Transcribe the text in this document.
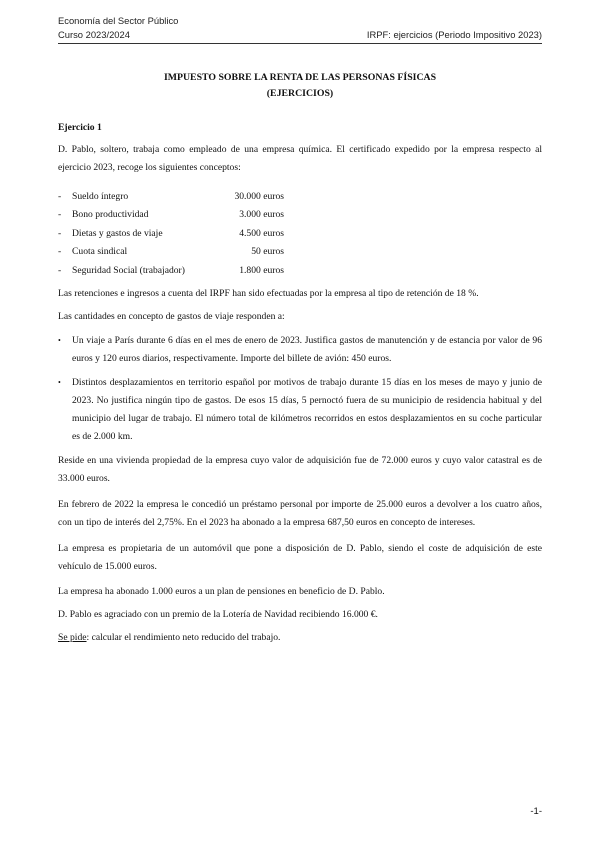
Economía del Sector Público
Curso 2023/2024	IRPF: ejercicios (Periodo Impositivo 2023)

IMPUESTO SOBRE LA RENTA DE LAS PERSONAS FÍSICAS

(EJERCICIOS)

Ejercicio 1

D. Pablo, soltero, trabaja como empleado de una empresa química. El certificado expedido por la empresa respecto al ejercicio 2023, recoge los siguientes conceptos:

-	Sueldo íntegro	30.000 euros
-	Bono productividad	3.000 euros
-	Dietas y gastos de viaje	4.500 euros
-	Cuota sindical	50 euros
-	Seguridad Social (trabajador)	1.800 euros

Las retenciones e ingresos a cuenta del IRPF han sido efectuadas por la empresa al tipo de retención de 18 %.

Las cantidades en concepto de gastos de viaje responden a:

•	Un viaje a París durante 6 días en el mes de enero de 2023. Justifica gastos de manutención y de estancia por valor de 96 euros y 120 euros diarios, respectivamente. Importe del billete de avión: 450 euros.
•	Distintos desplazamientos en territorio español por motivos de trabajo durante 15 días en los meses de mayo y junio de 2023. No justifica ningún tipo de gastos. De esos 15 días, 5 pernoctó fuera de su municipio de residencia habitual y del municipio del lugar de trabajo. El número total de kilómetros recorridos en estos desplazamientos en su coche particular es de 2.000 km.

Reside en una vivienda propiedad de la empresa cuyo valor de adquisición fue de 72.000 euros y cuyo valor catastral es de 33.000 euros.

En febrero de 2022 la empresa le concedió un préstamo personal por importe de 25.000 euros a devolver a los cuatro años, con un tipo de interés del 2,75%. En el 2023 ha abonado a la empresa 687,50 euros en concepto de intereses.

La empresa es propietaria de un automóvil que pone a disposición de D. Pablo, siendo el coste de adquisición de este vehículo de 15.000 euros.

La empresa ha abonado 1.000 euros a un plan de pensiones en beneficio de D. Pablo.

D. Pablo es agraciado con un premio de la Lotería de Navidad recibiendo 16.000 €.

Se pide: calcular el rendimiento neto reducido del trabajo.

-1-
